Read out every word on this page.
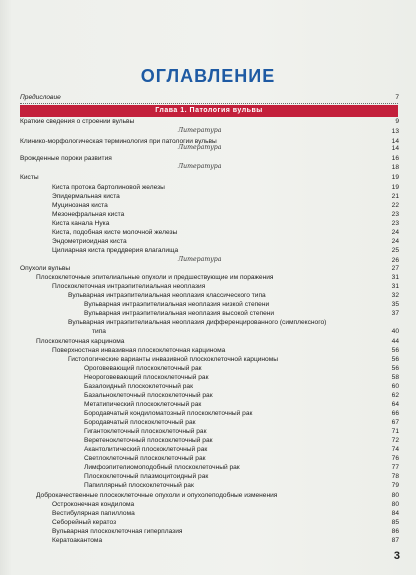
ОГЛАВЛЕНИЕ
Глава 1. Патология вульвы
Предисловие	7
Краткие сведения о строении вульвы	9
Литература	13
Клинико-морфологическая терминология при патологии вульвы	14
Литература	14
Врожденные пороки развития	16
Литература	18
Кисты	19
Киста протока бартолиновой железы	19
Эпидермальная киста	21
Муцинозная киста	22
Мезонефральная киста	23
Киста канала Нука	23
Киста, подобная кисте молочной железы	24
Эндометриоидная киста	24
Цилиарная киста преддверия влагалища	25
Литература	26
Опухоли вульвы	27
Плоскоклеточные эпителиальные опухоли и предшествующие им поражения	31
Плоскоклеточная интраэпителиальная неоплазия	31
Вульварная интраэпителиальная неоплазия классического типа	32
Вульварная интраэпителиальная неоплазия низкой степени	35
Вульварная интраэпителиальная неоплазия высокой степени	37
Вульварная интраэпителиальная неоплазия дифференцированного (симплексного)
типа	40
Плоскоклеточная карцинома	44
Поверхностная инвазивная плоскоклеточная карцинома	56
Гистологические варианты инвазивной плоскоклеточной карциномы	56
Ороговевающий плоскоклеточный рак	56
Неороговевающий плоскоклеточный рак	58
Базалоидный плоскоклеточный рак	60
Базальноклеточный плоскоклеточный рак	62
Метатипический плоскоклеточный рак	64
Бородавчатый кондиломатозный плоскоклеточный рак	66
Бородавчатый плоскоклеточный рак	67
Гигантоклеточный плоскоклеточный рак	71
Веретеноклеточный плоскоклеточный рак	72
Акантолитический плоскоклеточный рак	74
Светлоклеточный плоскоклеточный рак	76
Лимфоэпителиомоподобный плоскоклеточный рак	77
Плоскоклеточный плазмоцитоидный рак	78
Папиллярный плоскоклеточный рак	79
Доброкачественные плоскоклеточные опухоли и опухолеподобные изменения	80
Остроконечная кондилома	80
Вестибулярная папиллома	84
Себорейный кератоз	85
Вульварная плоскоклеточная гиперплазия	86
Кератоакантома	87
3
